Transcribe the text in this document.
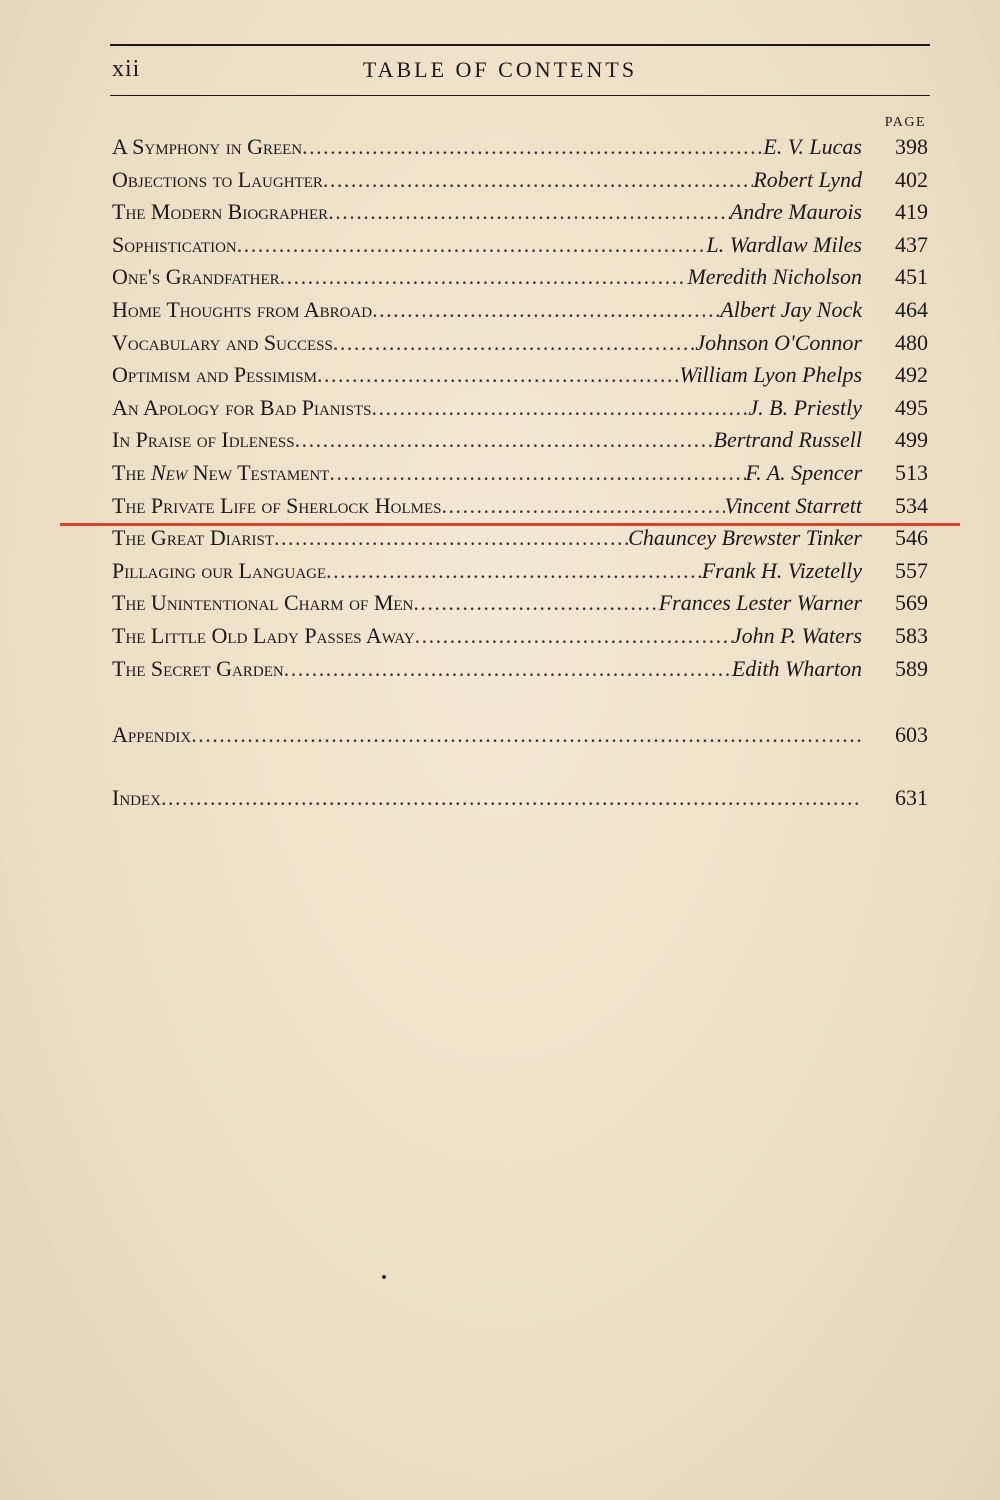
xii	TABLE OF CONTENTS
PAGE
A Symphony in Green . . .	E. V. Lucas	398
Objections to Laughter . . .	Robert Lynd	402
The Modern Biographer . . .	Andre Maurois	419
Sophistication . . .	L. Wardlaw Miles	437
One's Grandfather . . .	Meredith Nicholson	451
Home Thoughts from Abroad . . .	Albert Jay Nock	464
Vocabulary and Success . . .	Johnson O'Connor	480
Optimism and Pessimism . . .	William Lyon Phelps	492
An Apology for Bad Pianists . . .	J. B. Priestly	495
In Praise of Idleness . . .	Bertrand Russell	499
The New New Testament . . .	F. A. Spencer	513
The Private Life of Sherlock Holmes . . .	Vincent Starrett	534
The Great Diarist . . .	Chauncey Brewster Tinker	546
Pillaging our Language . . .	Frank H. Vizetelly	557
The Unintentional Charm of Men . . .	Frances Lester Warner	569
The Little Old Lady Passes Away . . .	John P. Waters	583
The Secret Garden . . .	Edith Wharton	589
Appendix . . .	603
Index . . .	631
